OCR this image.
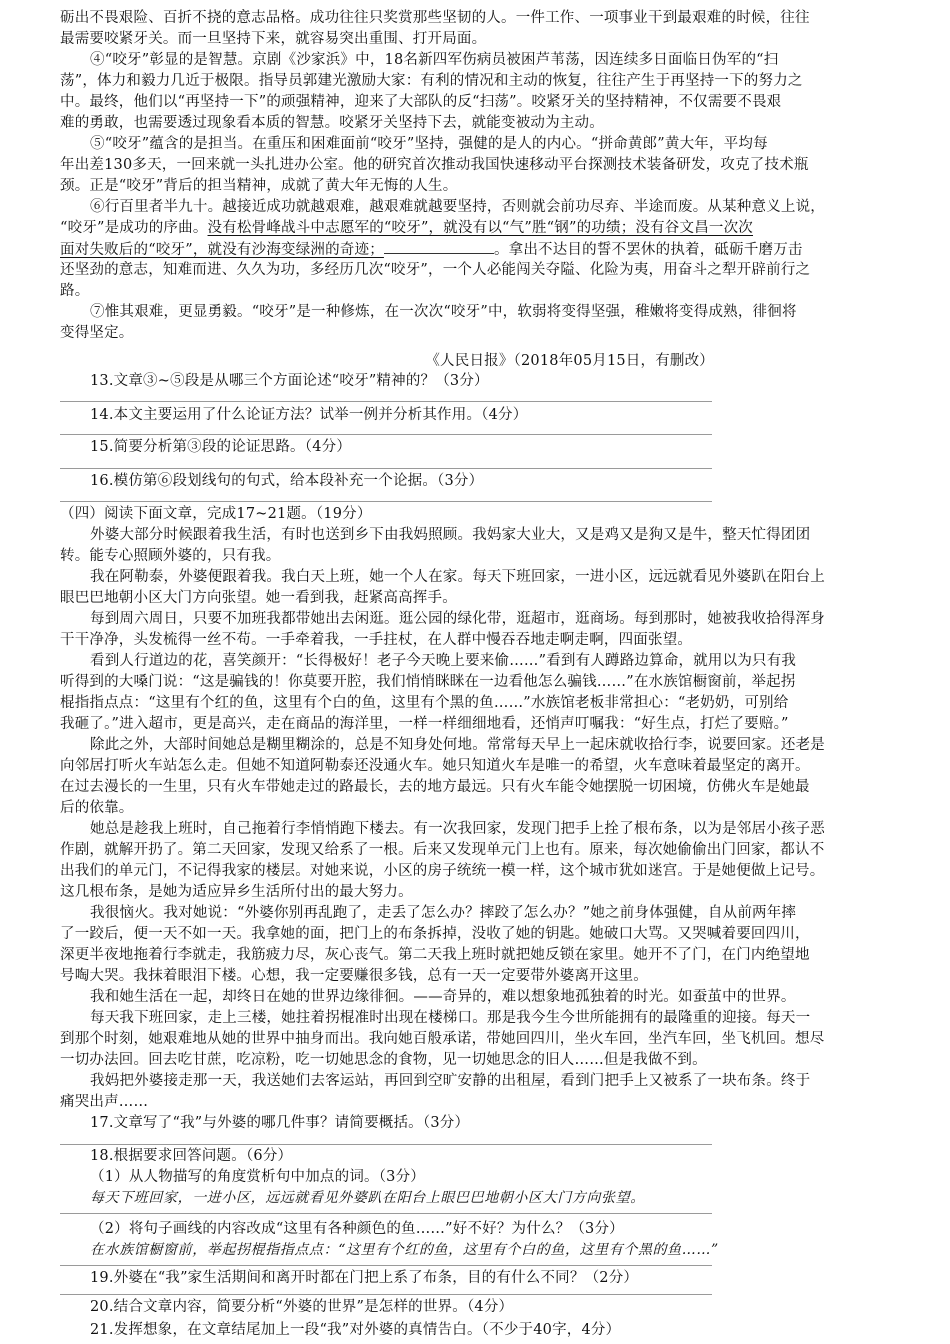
砺出不畏艰险、百折不挠的意志品格。成功往往只奖赏那些坚韧的人。一件工作、一项事业干到最艰难的时候，往往
最需要咬紧牙关。而一旦坚持下来，就容易突出重围、打开局面。
④“咬牙”彰显的是智慧。京剧《沙家浜》中，18名新四军伤病员被困芦苇荡，因连续多日面临日伪军的“扫
荡”，体力和毅力几近于极限。指导员郭建光激励大家：有利的情况和主动的恢复，往往产生于再坚持一下的努力之
中。最终，他们以“再坚持一下”的顽强精神，迎来了大部队的反“扫荡”。咬紧牙关的坚持精神，不仅需要不畏艰
难的勇敢，也需要透过现象看本质的智慧。咬紧牙关坚持下去，就能变被动为主动。
⑤“咬牙”蕴含的是担当。在重压和困难面前“咬牙”坚持，强健的是人的内心。“拼命黄郎”黄大年，平均每
年出差130多天，一回来就一头扎进办公室。他的研究首次推动我国快速移动平台探测技术装备研发，攻克了技术瓶
颈。正是“咬牙”背后的担当精神，成就了黄大年无悔的人生。
⑥行百里者半九十。越接近成功就越艰难，越艰难就越要坚持，否则就会前功尽弃、半途而废。从某种意义上说，
“咬牙”是成功的序曲。没有松骨峰战斗中志愿军的“咬牙”，就没有以“气”胜“钢”的功绩；没有谷文昌一次次
面对失败后的“咬牙”，就没有沙海变绿洲的奇迹；	。拿出不达目的誓不罢休的执着，砥砺千磨万击
还坚劲的意志，知难而进、久久为功，多经历几次“咬牙”，一个人必能闯关夺隘、化险为夷，用奋斗之犁开辟前行之
路。
⑦惟其艰难，更显勇毅。“咬牙”是一种修炼，在一次次“咬牙”中，软弱将变得坚强，稚嫩将变得成熟，徘徊将
变得坚定。
《人民日报》（2018年05月15日，有删改）
13.文章③~⑤段是从哪三个方面论述“咬牙”精神的？（3分）
14.本文主要运用了什么论证方法？试举一例并分析其作用。（4分）
15.简要分析第③段的论证思路。（4分）
16.模仿第⑥段划线句的句式，给本段补充一个论据。（3分）
（四）阅读下面文章，完成17~21题。（19分）
外婆大部分时候跟着我生活，有时也送到乡下由我妈照顾。我妈家大业大，又是鸡又是狗又是牛，整天忙得团团
转。能专心照顾外婆的，只有我。
我在阿勒泰，外婆便跟着我。我白天上班，她一个人在家。每天下班回家，一进小区，远远就看见外婆趴在阳台上
眼巴巴地朝小区大门方向张望。她一看到我，赶紧高高挥手。
每到周六周日，只要不加班我都带她出去闲逛。逛公园的绿化带，逛超市，逛商场。每到那时，她被我收拾得浑身
干干净净，头发梳得一丝不苟。一手牵着我，一手拄杖，在人群中慢吞吞地走啊走啊，四面张望。
看到人行道边的花，喜笑颜开：“长得极好！老子今天晚上要来偷……”看到有人蹲路边算命，就用以为只有我
听得到的大嗓门说：“这是骗钱的！你莫要开腔，我们悄悄眯眯在一边看他怎么骗钱……”在水族馆橱窗前，举起拐
棍指指点点：“这里有个红的鱼，这里有个白的鱼，这里有个黑的鱼……”水族馆老板非常担心：“老奶奶，可别给
我砸了。”进入超市，更是高兴，走在商品的海洋里，一样一样细细地看，还悄声叮嘱我：“好生点，打烂了要赔。”
除此之外，大部时间她总是糊里糊涂的，总是不知身处何地。常常每天早上一起床就收拾行李，说要回家。还老是
向邻居打听火车站怎么走。但她不知道阿勒泰还没通火车。她只知道火车是唯一的希望，火车意味着最坚定的离开。
在过去漫长的一生里，只有火车带她走过的路最长，去的地方最远。只有火车能令她摆脱一切困境，仿佛火车是她最
后的依靠。
她总是趁我上班时，自己拖着行李悄悄跑下楼去。有一次我回家，发现门把手上拴了根布条，以为是邻居小孩子恶
作剧，就解开扔了。第二天回家，发现又给系了一根。后来又发现单元门上也有。原来，每次她偷偷出门回家，都认不
出我们的单元门，不记得我家的楼层。对她来说，小区的房子统统一模一样，这个城市犹如迷宫。于是她便做上记号。
这几根布条，是她为适应异乡生活所付出的最大努力。
我很恼火。我对她说：“外婆你别再乱跑了，走丢了怎么办？摔跤了怎么办？”她之前身体强健，自从前两年摔
了一跤后，便一天不如一天。我拿她的面，把门上的布条拆掉，没收了她的钥匙。她破口大骂。又哭喊着要回四川，
深更半夜地拖着行李就走，我筋疲力尽，灰心丧气。第二天我上班时就把她反锁在家里。她开不了门，在门内绝望地
号啕大哭。我抹着眼泪下楼。心想，我一定要赚很多钱，总有一天一定要带外婆离开这里。
我和她生活在一起，却终日在她的世界边缘徘徊。——奇异的，难以想象地孤独着的时光。如蚕茧中的世界。
每天我下班回家，走上三楼，她拄着拐棍准时出现在楼梯口。那是我今生今世所能拥有的最隆重的迎接。每天一
到那个时刻，她艰难地从她的世界中抽身而出。我向她百般承诺，带她回四川，坐火车回，坐汽车回，坐飞机回。想尽
一切办法回。回去吃甘蔗，吃凉粉，吃一切她思念的食物，见一切她思念的旧人……但是我做不到。
我妈把外婆接走那一天，我送她们去客运站，再回到空旷安静的出租屋，看到门把手上又被系了一块布条。终于
痛哭出声……
17.文章写了“我”与外婆的哪几件事？请简要概括。（3分）
18.根据要求回答问题。（6分）
（1）从人物描写的角度赏析句中加点的词。（3分）
每天下班回家，一进小区，远远就看见外婆趴在阳台上眼巴巴地朝小区大门方向张望。
（2）将句子画线的内容改成“这里有各种颜色的鱼……”好不好？为什么？（3分）
在水族馆橱窗前，举起拐棍指指点点：“这里有个红的鱼，这里有个白的鱼，这里有个黑的鱼……”
19.外婆在“我”家生活期间和离开时都在门把上系了布条，目的有什么不同？（2分）
20.结合文章内容，简要分析“外婆的世界”是怎样的世界。（4分）
21.发挥想象，在文章结尾加上一段“我”对外婆的真情告白。（不少于40字，4分）
